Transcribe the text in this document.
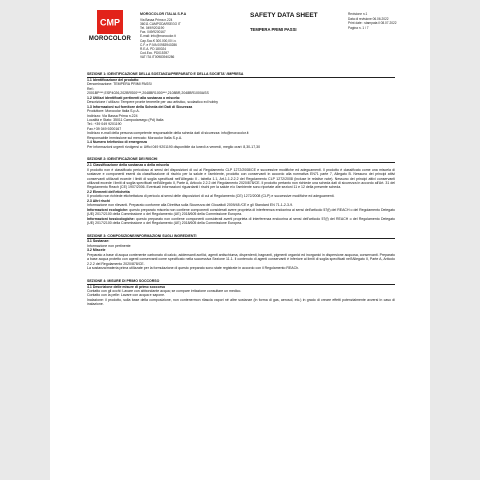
CMP
MOROCOLOR
MOROCOLOR ITALIA S.P.A
Via Bassa Prima n.224
36011 CAMPODARSEGO IT
Tel. 049/9201190
Fax. 049/9200167
E-mail: info@morocolor.it
Cap.Soc.€ 300.000,00 i.v.
C.F. e P.IVA 00983940286
R.E.A. PD 180024
Cod.Ecc. PD015397
VAT ITA IT00983940286
SAFETY DATA SHEET
TEMPERA PRIMI PASSI
Revisione n.1
Data di revisione 06.06.2022
Print date : stampata il 08.07.2022
Pagina n. 1 / 7
SEZIONE 1: IDENTIFICAZIONE DELLA SOSTANZA/PREPARATO E DELLA SOCIETA' /IMPRESA
1.1 Identificazione del prodotto
Denominazione: TEMPERA PRIMI PASSI
Ref.:
2001BP***,ESP4026,202BRS00***,2048BR1000***,2108BR,2048BR1000ASS
1.2 Utilizzi identificati pertinenti alla sostanza o miscela:
Descrizione / utilizzo: Tempere pronte tenerelle per uso artistico, scolastico ed hobby
1.3 Informazioni sul fornitore della Scheda dei Dati di Sicurezza
Produttore: Morocolor Italia S.p.A.
Indirizzo: Via Bassa Prima n.224
Località e Stato: 35011 Campodarsego (Pd) Italia
Tel.: +39 049 9201190
Fax.+39 049 9200167
Indirizzo e-mail della persona competente responsabile della scheda dati di sicurezza: info@morocolor.it
Responsabile immissione sul mercato: Morocolor Italia S.p.A.
1.4 Numero telefonico di emergenza
Per informazioni urgenti rivolgersi a: Uffici 049 9201190 disponibile da lunedì a venerdì, meglio orari: 8,30-17,30
SEZIONE 2: IDENTIFICAZIONE DEI RISCHI
2.1 Classificazione della sostanza o della miscela
Il prodotto non è classificato pericoloso ai sensi dei disposizioni di cui al Regolamento CLP 1272/2008/CE e successive modifiche ed adeguamenti. Il prodotto è classificato come una miscela di sostanze e componenti esenti da classificazione di rischio per la salute e l'ambiente, prodotto con conservanti in accordo alla normativa EN71 parte 7, Allegato B. Nessuno dei principi attivi conservanti utilizzati eccede i limiti di soglia specificati nell'Allegato II - tabella 1.1, Art.1.1.2.2.2 del Regolamento CLP 1272/2008 (incluse le relative note). Nessuno dei principi attivi conservanti utilizzati eccede i limiti di soglia specificati nell'Allegato II, Parte A, Articolo 2.2.2 del Regolamento 2020/878/CE. Il prodotto pertanto non richiede una scheda dati di sicurezza in accordo all'Art. 31 del Regolamento Reach (CE) 1907/2006. Eventuali informazioni riguardanti i rischi per la salute e/o l'ambiente sono riportate alle sezioni 11 e 12 della presente scheda.
2.2 Elementi dell'etichetta
Il prodotto non richiede etichettatura di pericolo ai sensi delle disposizioni di cui al Regolamento (CE) 1272/2008 (CLP) e successive modifiche ed adeguamenti.
2.3 Altri rischi
Informazione non rilevanti. Preparato conforme alla Direttiva sulla Sicurezza dei Giocattoli 2009/48 /CE e gli Standard EN 71-1-2-3-9.
Informazioni ecologiche: questo preparato miscela non contiene componenti considerati avere proprieta di interferenza endocrina ai sensi dell'articolo 57(f) del REACH o del Regolamento Delegato (UE) 2017/2100 della Commissione o del Regolamento (UE) 2018/605 della Commissione Europea.
Informazioni tossicologiche: questo preparato non contiene componenti considerati averti proprieta di interferenza endocrina ai sensi dell'articolo 57(f) del REACH o del Regolamento Delegato (UE) 2017/2100 della Commissione o del Regolamento (UE) 2018/605 della Commissione Europea.
SEZIONE 3: COMPOSIZIONE/INFORMAZIONI SUGLI INGREDIENTI
3.1 Sostanze:
Informazione non pertinente
3.2 Miscele
Preparato a base di acqua contenente carbonato di calcio, addensanti acrilici, agenti antischiuma, disperdenti, bagnanti, pigmenti organici ed inorganici in dispersione acquosa, conservanti. Preparato a base acqua protetto con agenti conservanti come specificato nella successiva Sezione 11.1. Il contenuto di agenti conservanti è inferiore ai limiti di soglia specificati nell'Allegato II, Parte A, Articolo 2.2.2 del Regolamento 2020/878/CE.
La sostanza/materia prima utilizzate per la formulazione di questo preparato sono state registrate in accordo con il Regolamento REACh.
SEZIONE 4: MISURE DI PRIMO SOCCORSO
4.1 Descrizione delle misure di primo soccorso
Contatto con gli occhi: Lavare con abbondante acqua; se compare irritazione consultare un medico.
Contatto con la pelle: Lavare con acqua e sapone.
Inalazione: il prodotto, sulla base della composizione, non contenermon rilascia vapori né altre sostanze (in forma di gas, aerosol, etc.) in grado di creare effetti potenzialmente avversi in caso di inalazione.
